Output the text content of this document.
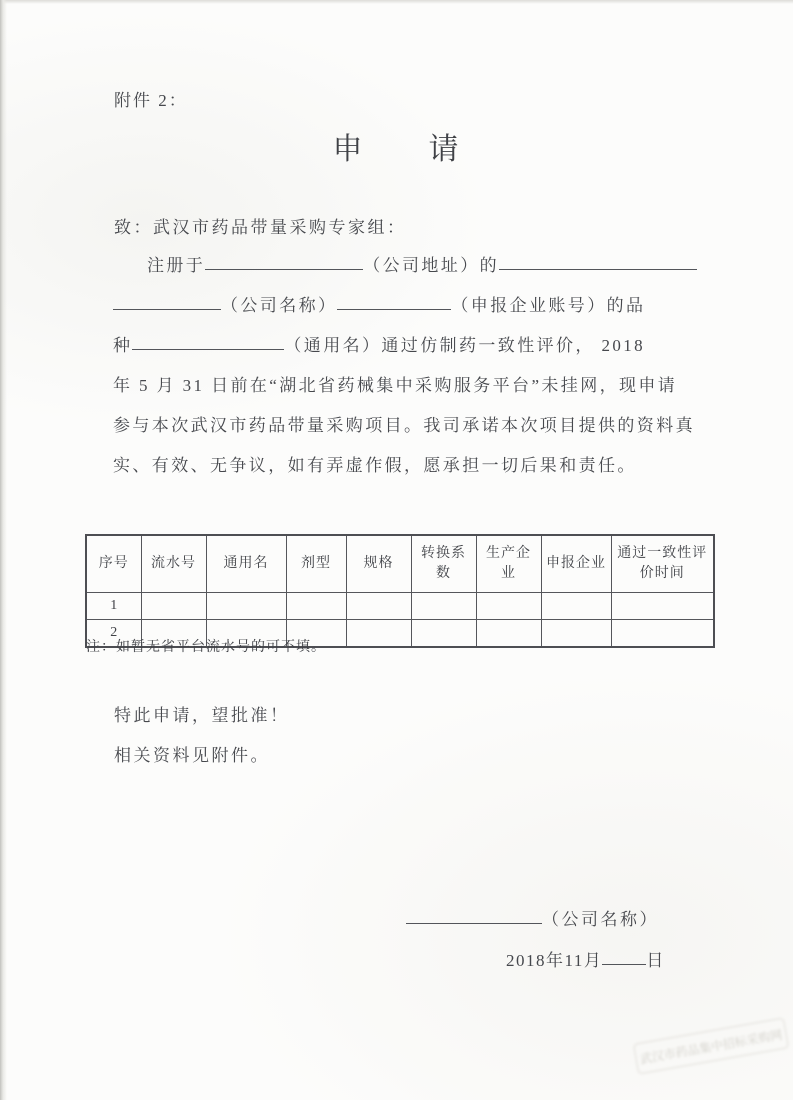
附件 2：
申　　请
致：武汉市药品带量采购专家组：
注册于	（公司地址）的
（公司名称）	（申报企业账号）的品
种	（通用名）通过仿制药一致性评价， 2018
年 5 月 31 日前在“湖北省药械集中采购服务平台”未挂网，现申请
参与本次武汉市药品带量采购项目。我司承诺本次项目提供的资料真
实、有效、无争议，如有弄虚作假，愿承担一切后果和责任。
序号	流水号	通用名	剂型	规格	转换系数	生产企业	申报企业	通过一致性评价时间
1								
2								
注：如暂无省平台流水号的可不填。
特此申请，望批准！
相关资料见附件。
（公司名称）
2018年11月	日
武汉市药品集中招标采购网
